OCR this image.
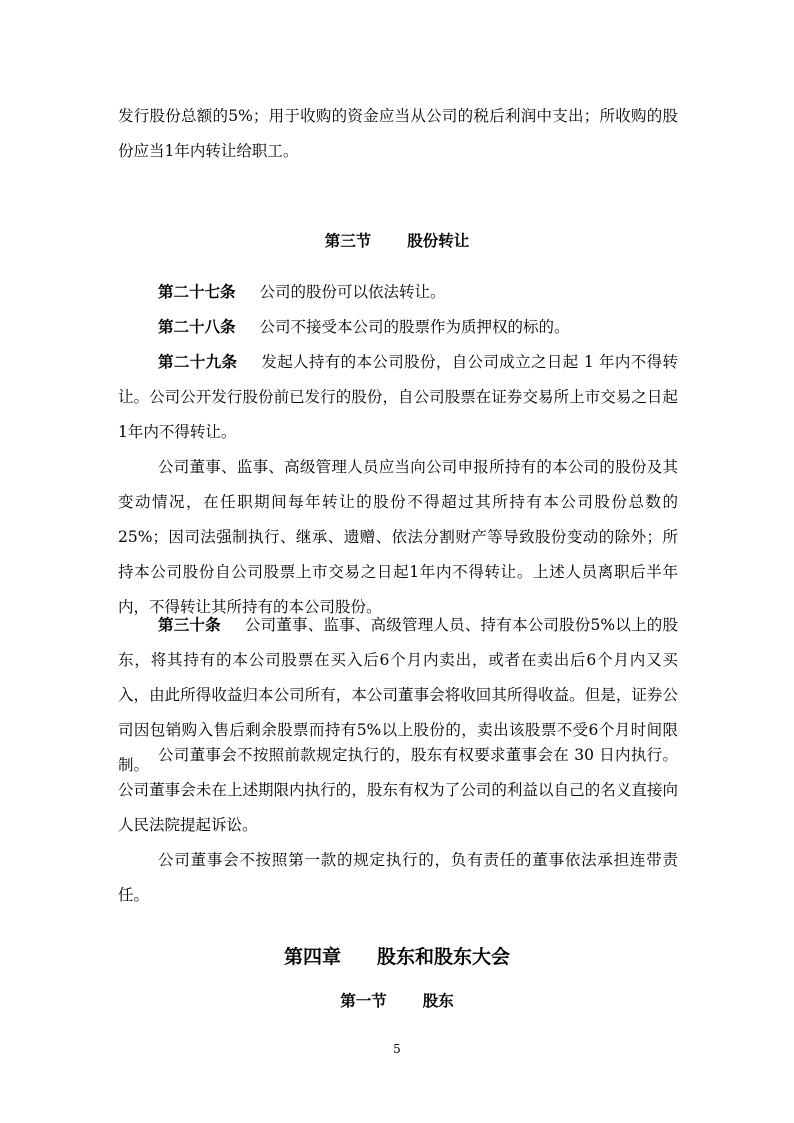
发行股份总额的5%；用于收购的资金应当从公司的税后利润中支出；所收购的股份应当1年内转让给职工。

第三节 股份转让

第二十七条 公司的股份可以依法转让。

第二十八条 公司不接受本公司的股票作为质押权的标的。

第二十九条 发起人持有的本公司股份，自公司成立之日起 1 年内不得转让。公司公开发行股份前已发行的股份，自公司股票在证券交易所上市交易之日起1年内不得转让。

公司董事、监事、高级管理人员应当向公司申报所持有的本公司的股份及其变动情况，在任职期间每年转让的股份不得超过其所持有本公司股份总数的25%；因司法强制执行、继承、遗赠、依法分割财产等导致股份变动的除外；所持本公司股份自公司股票上市交易之日起1年内不得转让。上述人员离职后半年内，不得转让其所持有的本公司股份。

第三十条 公司董事、监事、高级管理人员、持有本公司股份5%以上的股东，将其持有的本公司股票在买入后6个月内卖出，或者在卖出后6个月内又买入，由此所得收益归本公司所有，本公司董事会将收回其所得收益。但是，证券公司因包销购入售后剩余股票而持有5%以上股份的，卖出该股票不受6个月时间限制。

公司董事会不按照前款规定执行的，股东有权要求董事会在 30 日内执行。公司董事会未在上述期限内执行的，股东有权为了公司的利益以自己的名义直接向人民法院提起诉讼。

公司董事会不按照第一款的规定执行的，负有责任的董事依法承担连带责任。

第四章 股东和股东大会
第一节 股东

5
